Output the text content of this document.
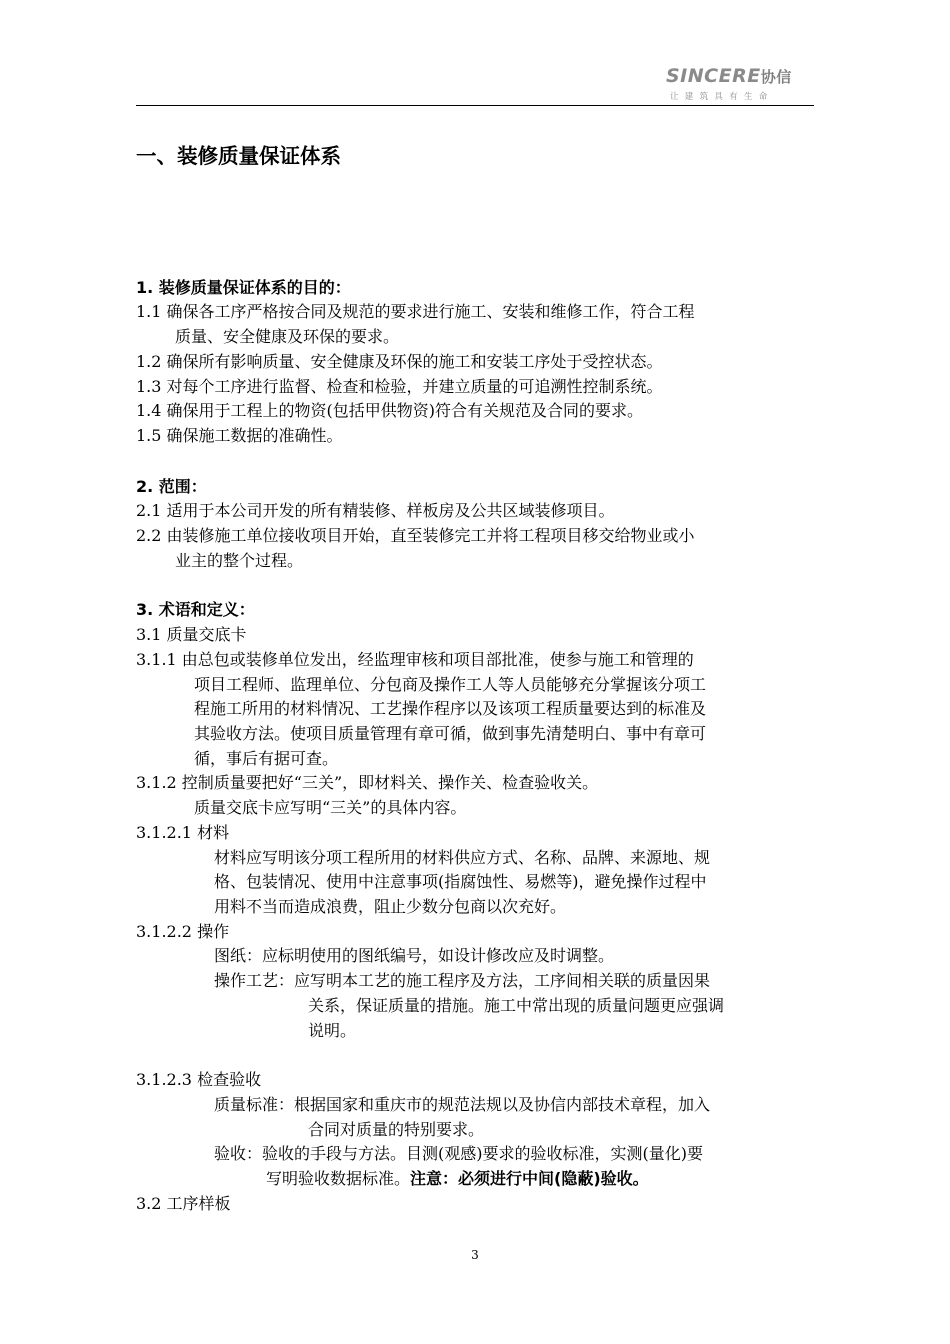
SINCERE协信
让建筑具有生命
一、装修质量保证体系
1. 装修质量保证体系的目的：
1.1 确保各工序严格按合同及规范的要求进行施工、安装和维修工作，符合工程
质量、安全健康及环保的要求。
1.2 确保所有影响质量、安全健康及环保的施工和安装工序处于受控状态。
1.3 对每个工序进行监督、检查和检验，并建立质量的可追溯性控制系统。
1.4 确保用于工程上的物资(包括甲供物资)符合有关规范及合同的要求。
1.5 确保施工数据的准确性。
2. 范围：
2.1 适用于本公司开发的所有精装修、样板房及公共区域装修项目。
2.2 由装修施工单位接收项目开始，直至装修完工并将工程项目移交给物业或小
业主的整个过程。
3. 术语和定义：
3.1 质量交底卡
3.1.1 由总包或装修单位发出，经监理审核和项目部批准，使参与施工和管理的
项目工程师、监理单位、分包商及操作工人等人员能够充分掌握该分项工
程施工所用的材料情况、工艺操作程序以及该项工程质量要达到的标准及
其验收方法。使项目质量管理有章可循，做到事先清楚明白、事中有章可
循，事后有据可查。
3.1.2 控制质量要把好“三关”，即材料关、操作关、检查验收关。
质量交底卡应写明“三关”的具体内容。
3.1.2.1 材料
材料应写明该分项工程所用的材料供应方式、名称、品牌、来源地、规
格、包装情况、使用中注意事项(指腐蚀性、易燃等)，避免操作过程中
用料不当而造成浪费，阻止少数分包商以次充好。
3.1.2.2 操作
图纸：应标明使用的图纸编号，如设计修改应及时调整。
操作工艺：应写明本工艺的施工程序及方法，工序间相关联的质量因果
关系，保证质量的措施。施工中常出现的质量问题更应强调
说明。
3.1.2.3 检查验收
质量标准：根据国家和重庆市的规范法规以及协信内部技术章程，加入
合同对质量的特别要求。
验收：验收的手段与方法。目测(观感)要求的验收标准，实测(量化)要
写明验收数据标准。注意：必须进行中间(隐蔽)验收。
3.2 工序样板
3
